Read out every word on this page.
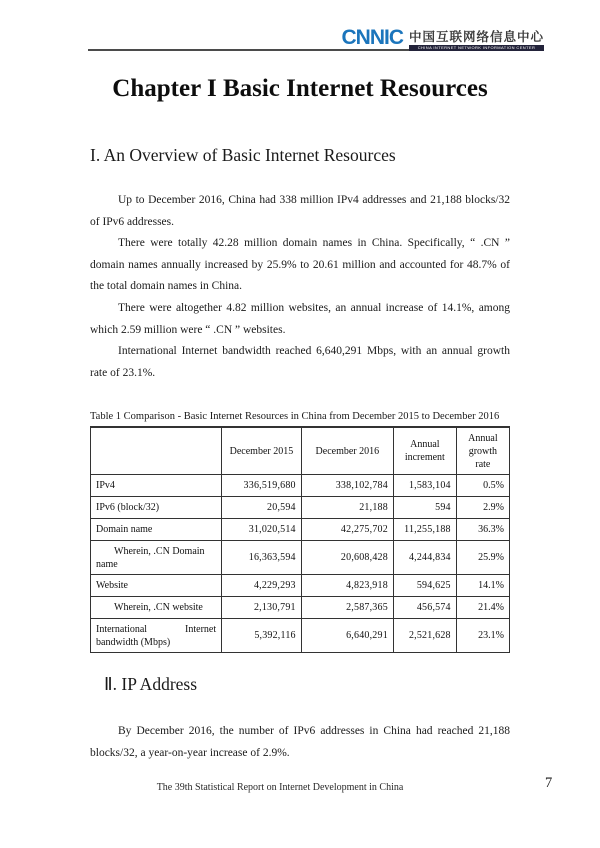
CNNIC 中国互联网络信息中心
CHINA INTERNET NETWORK INFORMATION CENTER
Chapter I Basic Internet Resources
I. An Overview of Basic Internet Resources

Up to December 2016, China had 338 million IPv4 addresses and 21,188 blocks/32 of IPv6 addresses.

There were totally 42.28 million domain names in China. Specifically, “ .CN ” domain names annually increased by 25.9% to 20.61 million and accounted for 48.7% of the total domain names in China.

There were altogether 4.82 million websites, an annual increase of 14.1%, among which 2.59 million were “ .CN ” websites.

International Internet bandwidth reached 6,640,291 Mbps, with an annual growth rate of 23.1%.

Table 1 Comparison - Basic Internet Resources in China from December 2015 to December 2016
	December 2015	December 2016	Annual increment	Annual growth rate
IPv4	336,519,680	338,102,784	1,583,104	0.5%
IPv6 (block/32)	20,594	21,188	594	2.9%
Domain name	31,020,514	42,275,702	11,255,188	36.3%
Wherein, .CN Domain name	16,363,594	20,608,428	4,244,834	25.9%
Website	4,229,293	4,823,918	594,625	14.1%
Wherein, .CN website	2,130,791	2,587,365	456,574	21.4%
International Internet bandwidth (Mbps)	5,392,116	6,640,291	2,521,628	23.1%
Ⅱ. IP Address

By December 2016, the number of IPv6 addresses in China had reached 21,188 blocks/32, a year-on-year increase of 2.9%.

The 39th Statistical Report on Internet Development in China	7
